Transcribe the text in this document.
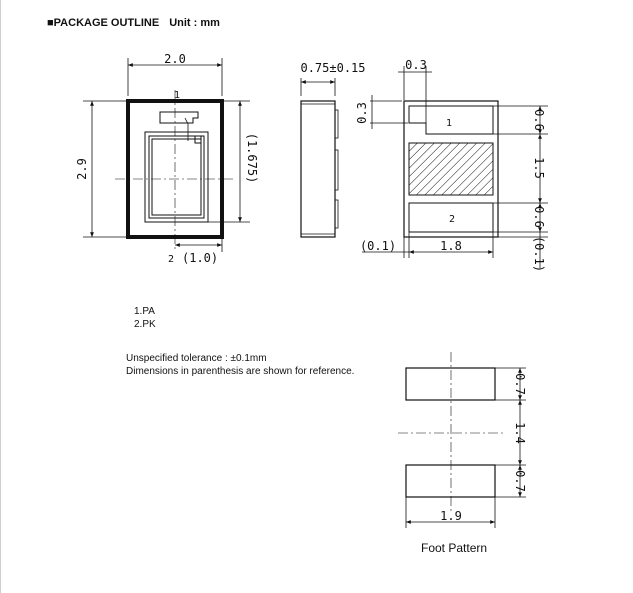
■PACKAGE OUTLINE Unit : mm
2.0
2.9	(1.675)
(1.0)
1
2
0.75±0.15	0.3
0.3	0.6
1.5
0.6
(0.1)
(0.1)	1.8
1
2
0.7
1.4
0.7
1.9
1.PA
2.PK
Unspecified tolerance : ±0.1mm
Dimensions in parenthesis are shown for reference.
Foot Pattern
